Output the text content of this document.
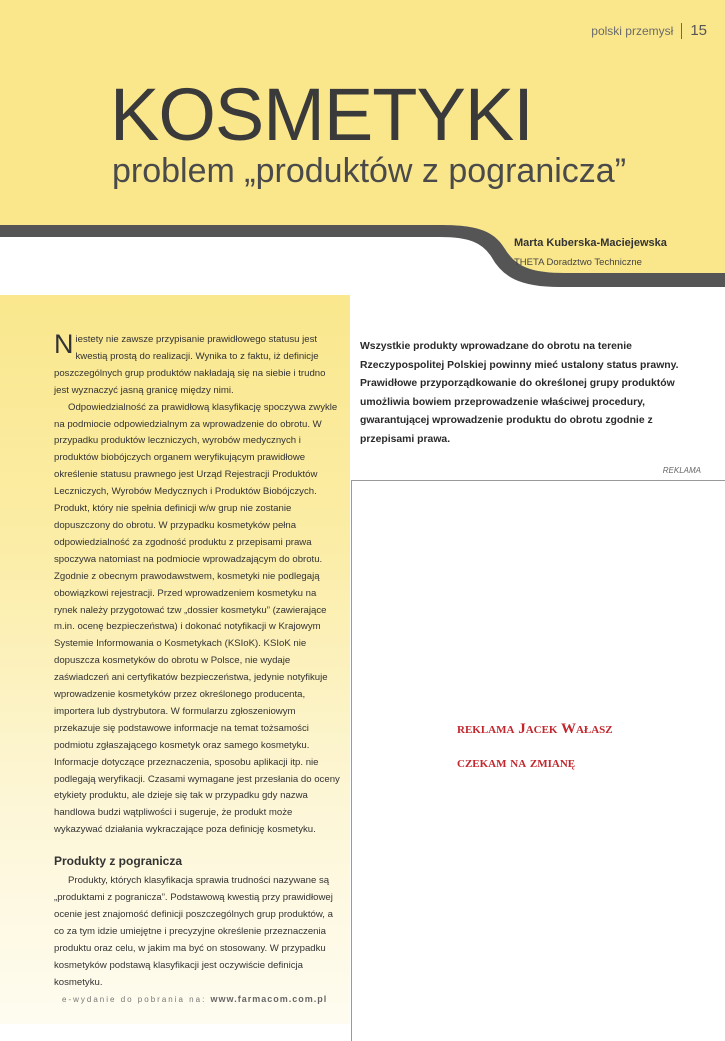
polski przemysł 15
KOSMETYKI
problem „produktów z pogranicza”
Marta Kuberska-Maciejewska
THETA Doradztwo Techniczne

Niestety nie zawsze przypisanie prawidłowego statusu jest kwestią prostą do realizacji. Wynika to z faktu, iż definicje poszczególnych grup produktów nakładają się na siebie i trudno jest wyznaczyć jasną granicę między nimi.

Odpowiedzialność za prawidłową klasyfikację spoczywa zwykle na podmiocie odpowiedzialnym za wprowadzenie do obrotu. W przypadku produktów leczniczych, wyrobów medycznych i produktów biobójczych organem weryfikującym prawidłowe określenie statusu prawnego jest Urząd Rejestracji Produktów Leczniczych, Wyrobów Medycznych i Produktów Biobójczych. Produkt, który nie spełnia definicji w/w grup nie zostanie dopuszczony do obrotu. W przypadku kosmetyków pełna odpowiedzialność za zgodność produktu z przepisami prawa spoczywa natomiast na podmiocie wprowadzającym do obrotu. Zgodnie z obecnym prawodawstwem, kosmetyki nie podlegają obowiązkowi rejestracji. Przed wprowadzeniem kosmetyku na rynek należy przygotować tzw „dossier kosmetyku” (zawierające m.in. ocenę bezpieczeństwa) i dokonać notyfikacji w Krajowym Systemie Informowania o Kosmetykach (KSIoK). KSIoK nie dopuszcza kosmetyków do obrotu w Polsce, nie wydaje zaświadczeń ani certyfikatów bezpieczeństwa, jedynie notyfikuje wprowadzenie kosmetyków przez określonego producenta, importera lub dystrybutora. W formularzu zgłoszeniowym przekazuje się podstawowe informacje na temat tożsamości podmiotu zgłaszającego kosmetyk oraz samego kosmetyku. Informacje dotyczące przeznaczenia, sposobu aplikacji itp. nie podlegają weryfikacji. Czasami wymagane jest przesłania do oceny etykiety produktu, ale dzieje się tak w przypadku gdy nazwa handlowa budzi wątpliwości i sugeruje, że produkt może wykazywać działania wykraczające poza definicję kosmetyku.

Produkty z pogranicza

Produkty, których klasyfikacja sprawia trudności nazywane są „produktami z pogranicza”. Podstawową kwestią przy prawidłowej ocenie jest znajomość definicji poszczególnych grup produktów, a co za tym idzie umiejętne i precyzyjne określenie przeznaczenia produktu oraz celu, w jakim ma być on stosowany. W przypadku kosmetyków podstawą klasyfikacji jest oczywiście definicja kosmetyku.

Wszystkie produkty wprowadzane do obrotu na terenie Rzeczypospolitej Polskiej powinny mieć ustalony status prawny. Prawidłowe przyporządkowanie do określonej grupy produktów umożliwia bowiem przeprowadzenie właściwej procedury, gwarantującej wprowadzenie produktu do obrotu zgodnie z przepisami prawa.
REKLAMA
reklama Jacek Wałasz
czekam na zmianę
e-wydanie do pobrania na: www.farmacom.com.pl
